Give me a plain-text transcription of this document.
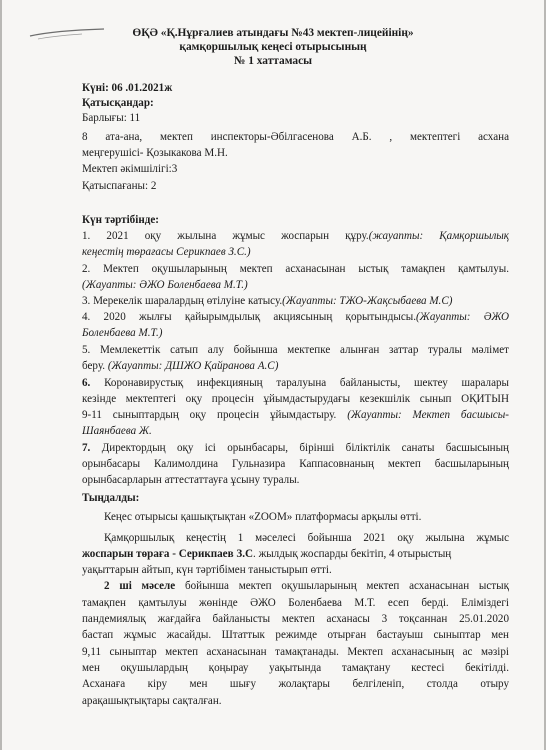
ӨҚӘ «Қ.Нұрғалиев атындағы №43 мектеп-лицейінің»
қамқоршылық кеңесі отырысының
№ 1 хаттамасы
Күні: 06 .01.2021ж
Қатысқандар:
Барлығы: 11
8 ата-ана, мектеп инспекторы-Әбілгасенова А.Б. , мектептегі асхана
меңгерушісі- Қозыкакова М.Н.
Мектеп әкімшілігі:3
Қатыспағаны: 2
Күн тәртібінде:
1. 2021 оқу жылына жұмыс жоспарын құру.(жауапты: Қамқоршылық
кеңестің төрағасы Серикпаев З.С.)
2. Мектеп оқушыларының мектеп асханасынан ыстық тамақпен қамтылуы.
(Жауапты: ӘЖО Боленбаева М.Т.)
3. Мерекелік шаралардың өтілуіне катысу.(Жауапты: ТЖО-Жақсыбаева М.С)
4. 2020 жылғы қайырымдылық акциясының қорытындысы.(Жауапты: ӘЖО
Боленбаева М.Т.)
5. Мемлекеттік сатып алу бойынша мектепке алынған заттар туралы мәлімет
беру. (Жауапты: ДШЖО Қайранова А.С)
6. Коронавирустық инфекцияның таралуына байланысты, шектеу шаралары
кезінде мектептегі оқу процесін ұйымдастырудағы кезекшілік сынып ОҚИТЫН
9-11 сыныптардың оқу процесін ұйымдастыру. (Жауапты: Мектеп басшысы-
Шаянбаева Ж.
7. Директордың оқу ісі орынбасары, бірінші біліктілік санаты басшысының
орынбасары Калимолдина Гульназира Каппасовнаның мектеп басшыларының
орынбасарларын аттестаттауға ұсыну туралы.
Тыңдалды:
Кеңес отырысы қашықтықтан «ZOOM» платформасы арқылы өтті.
Қамқоршылық кеңестің 1 мәселесі бойынша 2021 оқу жылына жұмыс
жоспарын төраға - Серикпаев З.С. жылдық жоспарды бекітіп, 4 отырыстың
уақыттарын айтып, күн тәртібімен таныстырып өтті.
2 ші мәселе бойынша мектеп оқушыларының мектеп асханасынан ыстық
тамақпен қамтылуы жөнінде ӘЖО Боленбаева М.Т. есеп берді. Еліміздегі
пандемиялық жағдайға байланысты мектеп асханасы 3 тоқсаннан 25.01.2020
бастап жұмыс жасайды. Штаттык режимде отырған бастауыш сыныптар мен
9,11 сыныптар мектеп асханасынан тамақтанады. Мектеп асханасының ас мәзірі
мен оқушылардың қоңырау уақытында тамақтану кестесі бекітілді.
Асханаға кіру мен шығу жолақтары белгіленіп, столда отыру
арақашықтықтары сақталған.
